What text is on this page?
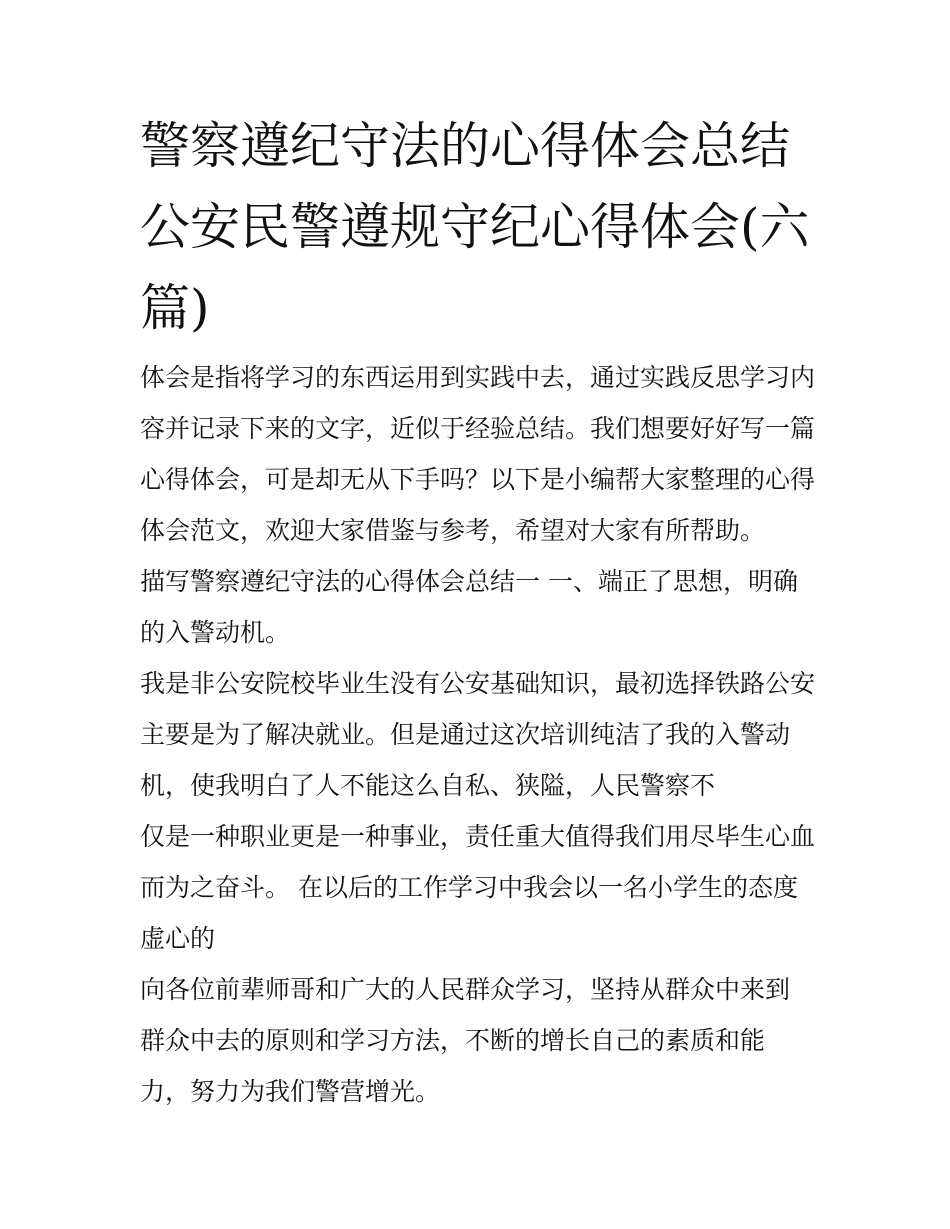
警察遵纪守法的心得体会总结
公安民警遵规守纪心得体会(六
篇)
体会是指将学习的东西运用到实践中去，通过实践反思学习内
容并记录下来的文字，近似于经验总结。我们想要好好写一篇
心得体会，可是却无从下手吗？以下是小编帮大家整理的心得
体会范文，欢迎大家借鉴与参考，希望对大家有所帮助。
描写警察遵纪守法的心得体会总结一 一、端正了思想，明确
的入警动机。
我是非公安院校毕业生没有公安基础知识，最初选择铁路公安
主要是为了解决就业。但是通过这次培训纯洁了我的入警动
机，使我明白了人不能这么自私、狭隘，人民警察不
仅是一种职业更是一种事业，责任重大值得我们用尽毕生心血
而为之奋斗。 在以后的工作学习中我会以一名小学生的态度
虚心的
向各位前辈师哥和广大的人民群众学习，坚持从群众中来到
群众中去的原则和学习方法，不断的增长自己的素质和能
力，努力为我们警营增光。
